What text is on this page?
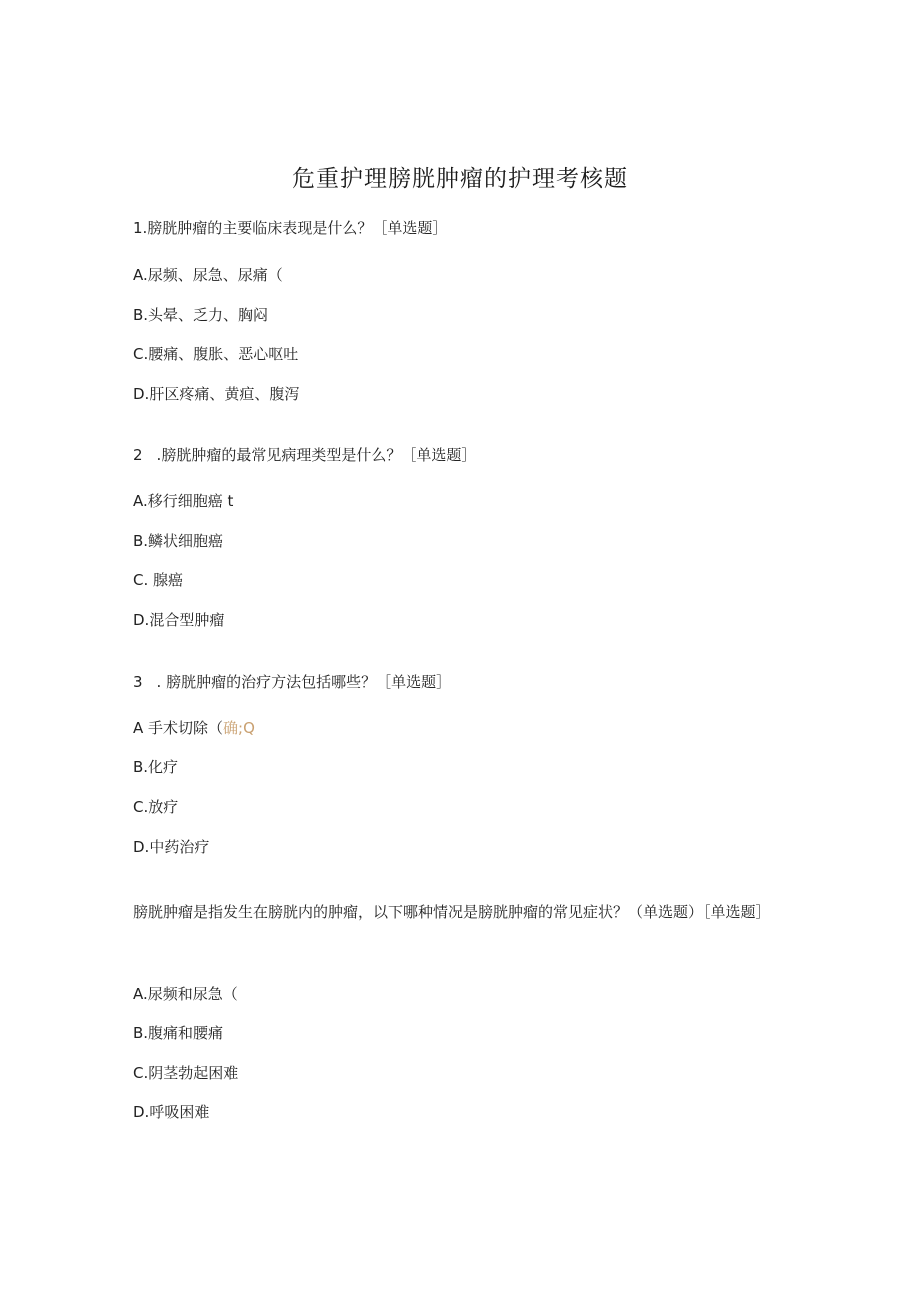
危重护理膀胱肿瘤的护理考核题
1.膀胱肿瘤的主要临床表现是什么？［单选题］
A.尿频、尿急、尿痛（
B.头晕、乏力、胸闷
C.腰痛、腹胀、恶心呕吐
D.肝区疼痛、黄疸、腹泻
2 .膀胱肿瘤的最常见病理类型是什么？［单选题］
A.移行细胞癌 t
B.鳞状细胞癌
C. 腺癌
D.混合型肿瘤
3 . 膀胱肿瘤的治疗方法包括哪些？［单选题］
A 手术切除（确;Q
B.化疗
C.放疗
D.中药治疗
膀胱肿瘤是指发生在膀胱内的肿瘤，以下哪种情况是膀胱肿瘤的常见症状？（单选题）［单选题］
A.尿频和尿急（
B.腹痛和腰痛
C.阴茎勃起困难
D.呼吸困难
